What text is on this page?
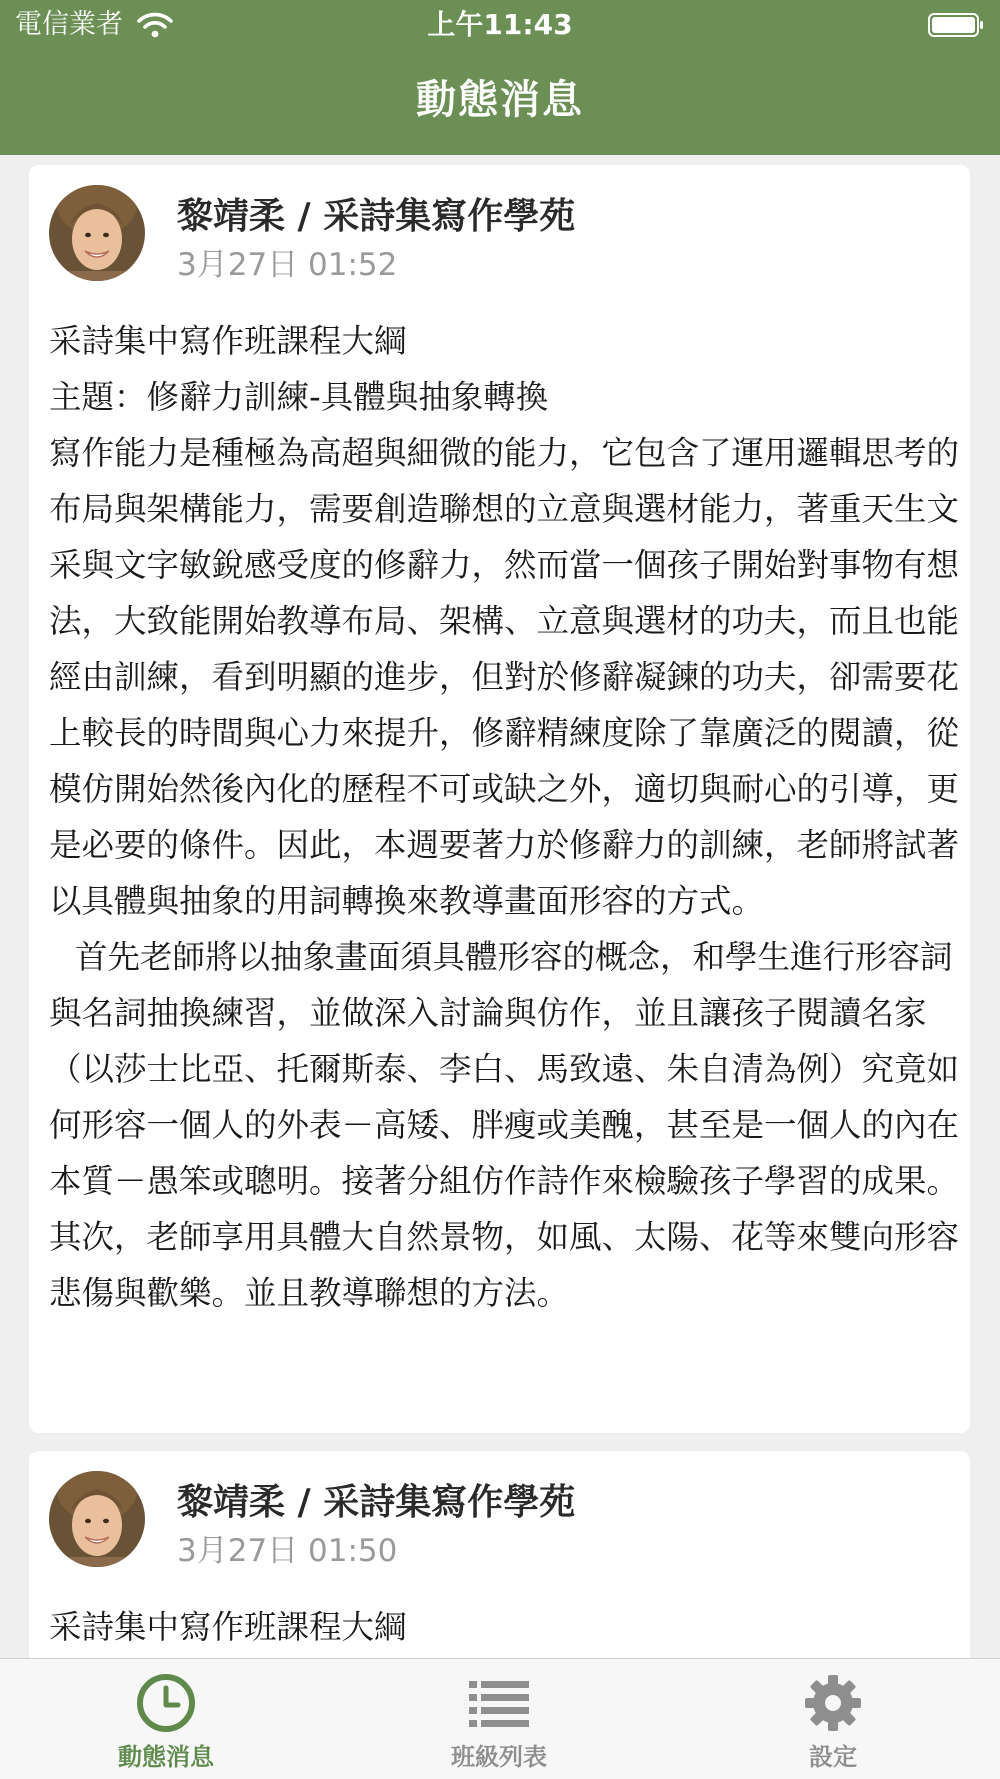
電信業者	上午11:43
動態消息
黎靖柔 / 采詩集寫作學苑
3月27日 01:52

采詩集中寫作班課程大綱

主題：修辭力訓練-具體與抽象轉換

寫作能力是種極為高超與細微的能力，它包含了運用邏輯思考的布局與架構能力，需要創造聯想的立意與選材能力，著重天生文采與文字敏銳感受度的修辭力，然而當一個孩子開始對事物有想法，大致能開始教導布局、架構、立意與選材的功夫，而且也能經由訓練，看到明顯的進步，但對於修辭凝鍊的功夫，卻需要花上較長的時間與心力來提升，修辭精練度除了靠廣泛的閱讀，從模仿開始然後內化的歷程不可或缺之外，適切與耐心的引導，更是必要的條件。因此，本週要著力於修辭力的訓練，老師將試著以具體與抽象的用詞轉換來教導畫面形容的方式。

首先老師將以抽象畫面須具體形容的概念，和學生進行形容詞與名詞抽換練習，並做深入討論與仿作，並且讓孩子閱讀名家（以莎士比亞、托爾斯泰、李白、馬致遠、朱自清為例）究竟如何形容一個人的外表－高矮、胖瘦或美醜，甚至是一個人的內在本質－愚笨或聰明。接著分組仿作詩作來檢驗孩子學習的成果。其次，老師享用具體大自然景物，如風、太陽、花等來雙向形容悲傷與歡樂。並且教導聯想的方法。

黎靖柔 / 采詩集寫作學苑
3月27日 01:50

采詩集中寫作班課程大綱

動態消息	班級列表	設定
